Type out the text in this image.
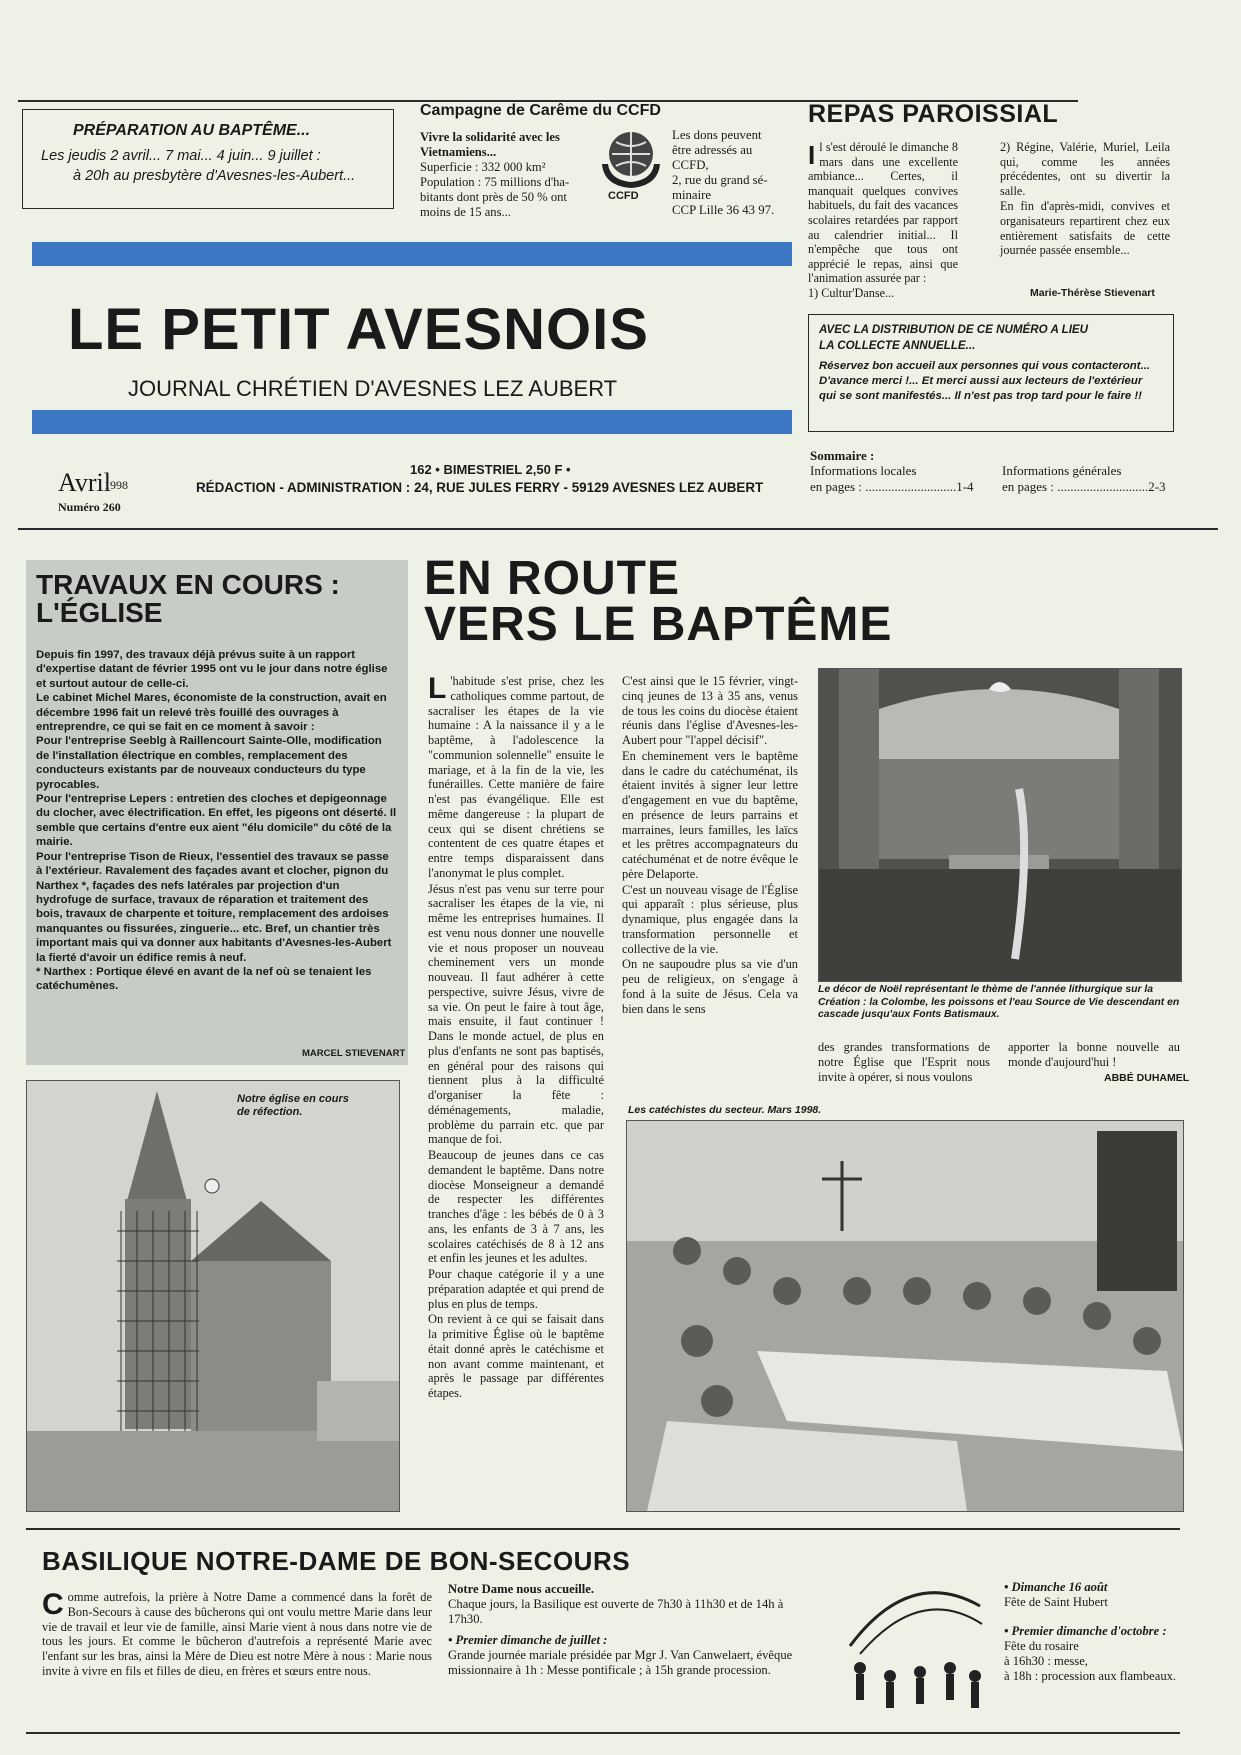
PRÉPARATION AU BAPTÊME...
Les jeudis 2 avril... 7 mai... 4 juin... 9 juillet :
à 20h au presbytère d'Avesnes-les-Aubert...
Campagne de Carême du CCFD
Vivre la solidarité avec les
Vietnamiens...
Superficie : 332 000 km²
Population : 75 millions d'ha-
bitants dont près de 50 % ont
moins de 15 ans...
CCFD
Les dons peuvent
être adressés au
CCFD,
2, rue du grand sé-
minaire
CCP Lille 36 43 97.
REPAS PAROISSIAL
Il s'est déroulé le dimanche 8 mars dans une excellente ambiance... Certes, il manquait quelques convives habituels, du fait des vacances scolaires retardées par rapport au calendrier initial... Il n'empêche que tous ont apprécié le repas, ainsi que l'animation assurée par :
1) Cultur'Danse...

2) Régine, Valérie, Muriel, Leila qui, comme les années précédentes, ont su divertir la salle.

En fin d'après-midi, convives et organisateurs repartirent chez eux entièrement satisfaits de cette journée passée ensemble...

Marie-Thérèse Stievenart
LE PETIT AVESNOIS
JOURNAL CHRÉTIEN D'AVESNES LEZ AUBERT
AVEC LA DISTRIBUTION DE CE NUMÉRO A LIEU
LA COLLECTE ANNUELLE...
Réservez bon accueil aux personnes qui vous contacteront... D'avance merci !... Et merci aussi aux lecteurs de l'extérieur qui se sont manifestés... Il n'est pas trop tard pour le faire !!
Avril
1998
Numéro 260
162 • BIMESTRIEL 2,50 F •
RÉDACTION - ADMINISTRATION : 24, RUE JULES FERRY - 59129 AVESNES LEZ AUBERT
Sommaire :
Informations locales
en pages : ............................1-4
Informations générales
en pages : ............................2-3
TRAVAUX EN COURS :
L'ÉGLISE

Depuis fin 1997, des travaux déjà prévus suite à un rapport d'expertise datant de février 1995 ont vu le jour dans notre église et surtout autour de celle-ci.

Le cabinet Michel Mares, économiste de la construction, avait en décembre 1996 fait un relevé très fouillé des ouvrages à entreprendre, ce qui se fait en ce moment à savoir :

Pour l'entreprise Seeblg à Raillencourt Sainte-Olle, modification de l'installation électrique en combles, remplacement des conducteurs existants par de nouveaux conducteurs du type pyrocables.

Pour l'entreprise Lepers : entretien des cloches et depigeonnage du clocher, avec électrification. En effet, les pigeons ont déserté. Il semble que certains d'entre eux aient "élu domicile" du côté de la mairie.

Pour l'entreprise Tison de Rieux, l'essentiel des travaux se passe à l'extérieur. Ravalement des façades avant et clocher, pignon du Narthex *, façades des nefs latérales par projection d'un hydrofuge de surface, travaux de réparation et traitement des bois, travaux de charpente et toiture, remplacement des ardoises manquantes ou fissurées, zinguerie... etc. Bref, un chantier très important mais qui va donner aux habitants d'Avesnes-les-Aubert la fierté d'avoir un édifice remis à neuf.

* Narthex : Portique élevé en avant de la nef où se tenaient les catéchumènes.

MARCEL STIEVENART
Notre église en cours de réfection.
EN ROUTE
VERS LE BAPTÊME

L 'habitude s'est prise, chez les catholiques comme partout, de sacraliser les étapes de la vie humaine : A la naissance il y a le baptême, à l'adolescence la "communion solennelle" ensuite le mariage, et à la fin de la vie, les funérailles. Cette manière de faire n'est pas évangélique. Elle est même dangereuse : la plupart de ceux qui se disent chrétiens se contentent de ces quatre étapes et entre temps disparaissent dans l'anonymat le plus complet.

Jésus n'est pas venu sur terre pour sacraliser les étapes de la vie, ni même les entreprises humaines. Il est venu nous donner une nouvelle vie et nous proposer un nouveau cheminement vers un monde nouveau. Il faut adhérer à cette perspective, suivre Jésus, vivre de sa vie. On peut le faire à tout âge, mais ensuite, il faut continuer ! Dans le monde actuel, de plus en plus d'enfants ne sont pas baptisés, en général pour des raisons qui tiennent plus à la difficulté d'organiser la fête : déménagements, maladie, problème du parrain etc. que par manque de foi.

Beaucoup de jeunes dans ce cas demandent le baptême. Dans notre diocèse Monseigneur a demandé de respecter les différentes tranches d'âge : les bébés de 0 à 3 ans, les enfants de 3 à 7 ans, les scolaires catéchisés de 8 à 12 ans et enfin les jeunes et les adultes.

Pour chaque catégorie il y a une préparation adaptée et qui prend de plus en plus de temps.

On revient à ce qui se faisait dans la primitive Église où le baptême était donné après le catéchisme et non avant comme maintenant, et après le passage par différentes étapes.

C'est ainsi que le 15 février, vingt-cinq jeunes de 13 à 35 ans, venus de tous les coins du diocèse étaient réunis dans l'église d'Avesnes-les-Aubert pour "l'appel décisif".

En cheminement vers le baptême dans le cadre du catéchuménat, ils étaient invités à signer leur lettre d'engagement en vue du baptême, en présence de leurs parrains et marraines, leurs familles, les laïcs et les prêtres accompagnateurs du catéchuménat et de notre évêque le père Delaporte.

C'est un nouveau visage de l'Église qui apparaît : plus sérieuse, plus dynamique, plus engagée dans la transformation personnelle et collective de la vie.

On ne saupoudre plus sa vie d'un peu de religieux, on s'engage à fond à la suite de Jésus. Cela va bien dans le sens

Le décor de Noël représentant le thème de l'année lithurgique sur la Création : la Colombe, les poissons et l'eau Source de Vie descendant en cascade jusqu'aux Fonts Batismaux.
des grandes transformations de notre Église que l'Esprit nous invite à opérer, si nous voulons
apporter la bonne nouvelle au monde d'aujourd'hui !
ABBÉ DUHAMEL
Les catéchistes du secteur. Mars 1998.
BASILIQUE NOTRE-DAME DE BON-SECOURS
Comme autrefois, la prière à Notre Dame a commencé dans la forêt de Bon-Secours à cause des bûcherons qui ont voulu mettre Marie dans leur vie de travail et leur vie de famille, ainsi Marie vient à nous dans notre vie de tous les jours. Et comme le bûcheron d'autrefois a représenté Marie avec l'enfant sur les bras, ainsi la Mère de Dieu est notre Mère à nous : Marie nous invite à vivre en fils et filles de dieu, en frères et sœurs entre nous.
Notre Dame nous accueille.
Chaque jours, la Basilique est ouverte de 7h30 à 11h30 et de 14h à 17h30.
• Premier dimanche de juillet :
Grande journée mariale présidée par Mgr J. Van Canwelaert, évêque missionnaire à 1h : Messe pontificale ; à 15h grande procession.
• Dimanche 16 août
Fête de Saint Hubert
• Premier dimanche d'octobre :
Fête du rosaire
à 16h30 : messe,
à 18h : procession aux flambeaux.
